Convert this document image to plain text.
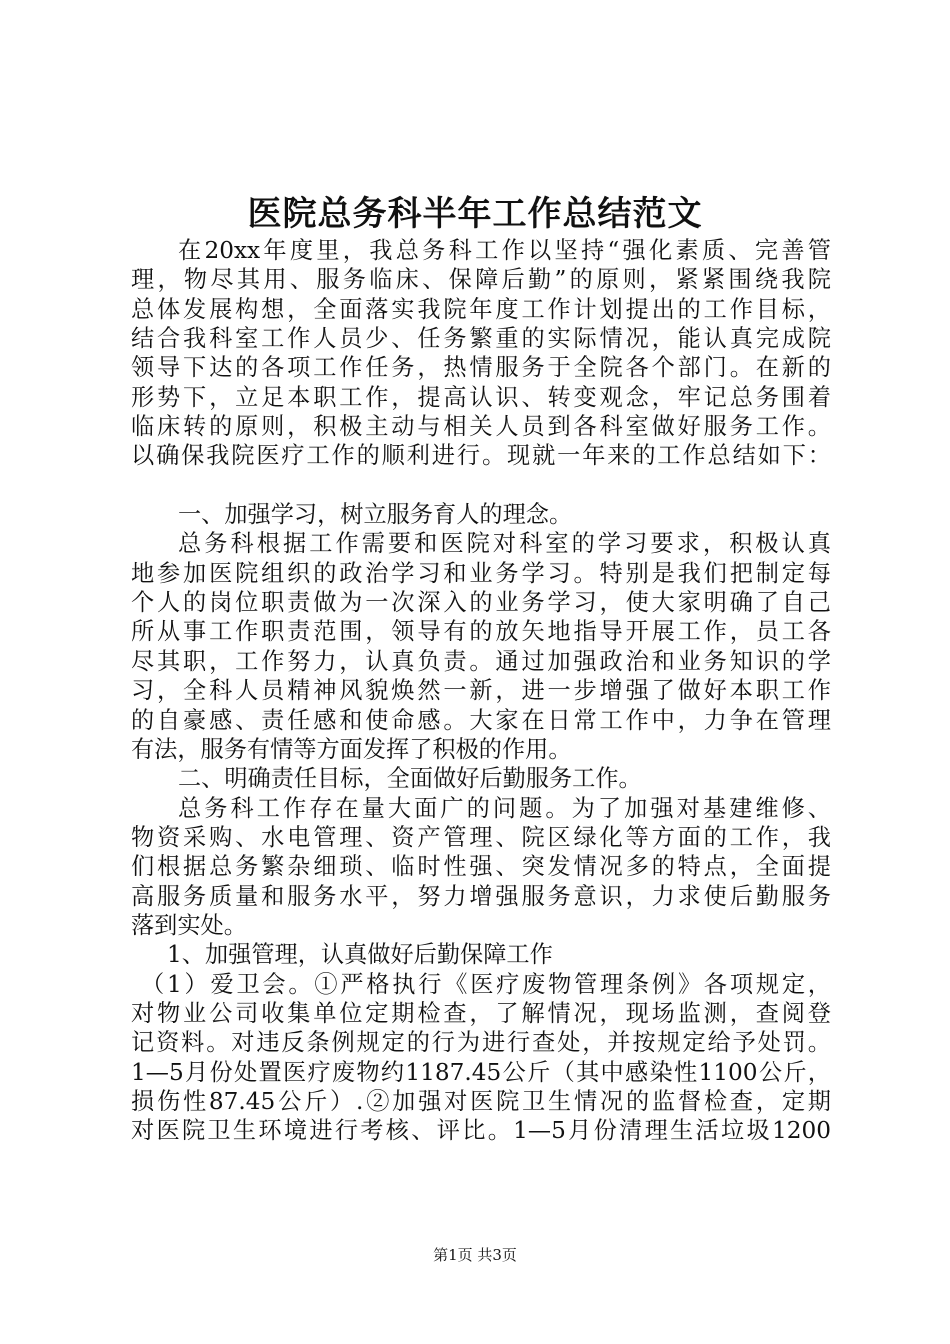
医院总务科半年工作总结范文
在20xx年度里，我总务科工作以坚持“强化素质、完善管
理，物尽其用、服务临床、保障后勤”的原则，紧紧围绕我院
总体发展构想，全面落实我院年度工作计划提出的工作目标，
结合我科室工作人员少、任务繁重的实际情况，能认真完成院
领导下达的各项工作任务，热情服务于全院各个部门。在新的
形势下，立足本职工作，提高认识、转变观念，牢记总务围着
临床转的原则，积极主动与相关人员到各科室做好服务工作。
以确保我院医疗工作的顺利进行。现就一年来的工作总结如下：
一、加强学习，树立服务育人的理念。
总务科根据工作需要和医院对科室的学习要求，积极认真
地参加医院组织的政治学习和业务学习。特别是我们把制定每
个人的岗位职责做为一次深入的业务学习，使大家明确了自己
所从事工作职责范围，领导有的放矢地指导开展工作，员工各
尽其职，工作努力，认真负责。通过加强政治和业务知识的学
习，全科人员精神风貌焕然一新，进一步增强了做好本职工作
的自豪感、责任感和使命感。大家在日常工作中，力争在管理
有法，服务有情等方面发挥了积极的作用。
二、明确责任目标，全面做好后勤服务工作。
总务科工作存在量大面广的问题。为了加强对基建维修、
物资采购、水电管理、资产管理、院区绿化等方面的工作，我
们根据总务繁杂细琐、临时性强、突发情况多的特点，全面提
高服务质量和服务水平，努力增强服务意识，力求使后勤服务
落到实处。
1、加强管理，认真做好后勤保障工作
（1）爱卫会。①严格执行《医疗废物管理条例》各项规定，
对物业公司收集单位定期检查，了解情况，现场监测，查阅登
记资料。对违反条例规定的行为进行查处，并按规定给予处罚。
1—5月份处置医疗废物约1187.45公斤（其中感染性1100公斤，
损伤性87.45公斤）.②加强对医院卫生情况的监督检查，定期
对医院卫生环境进行考核、评比。1—5月份清理生活垃圾1200
第1页 共3页
